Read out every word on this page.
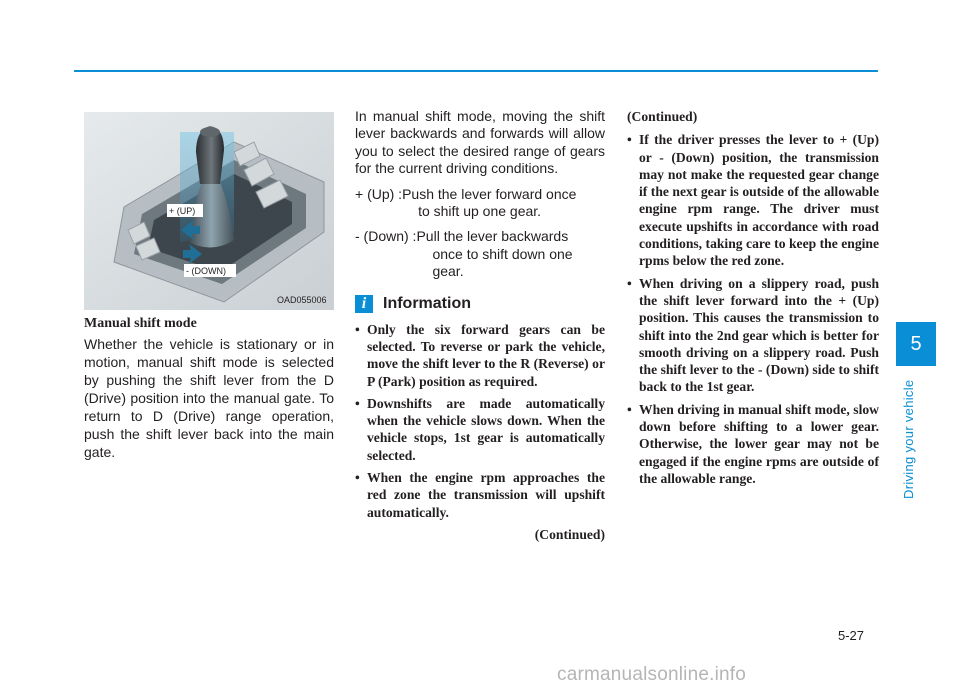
+ (UP)
- (DOWN)
OAD055006
Manual shift mode
Whether the vehicle is stationary or in motion, manual shift mode is selected by pushing the shift lever from the D (Drive) position into the manual gate. To return to D (Drive) range operation, push the shift lever back into the main gate.

In manual shift mode, moving the shift lever backwards and forwards will allow you to select the desired range of gears for the current driving conditions.

+ (Up) : Push the lever forward once
to shift up one gear.
- (Down) : Pull the lever backwards
once to shift down one gear.
i	Information
• Only the six forward gears can be selected. To reverse or park the vehicle, move the shift lever to the R (Reverse) or P (Park) position as required.
• Downshifts are made automatically when the vehicle slows down. When the vehicle stops, 1st gear is automatically selected.
• When the engine rpm approaches the red zone the transmission will upshift automatically.
(Continued)
(Continued)
• If the driver presses the lever to + (Up) or - (Down) position, the transmission may not make the requested gear change if the next gear is outside of the allowable engine rpm range. The driver must execute upshifts in accordance with road conditions, taking care to keep the engine rpms below the red zone.
• When driving on a slippery road, push the shift lever forward into the + (Up) position. This causes the transmission to shift into the 2nd gear which is better for smooth driving on a slippery road. Push the shift lever to the - (Down) side to shift back to the 1st gear.
• When driving in manual shift mode, slow down before shifting to a lower gear. Otherwise, the lower gear may not be engaged if the engine rpms are outside of the allowable range.
5
Driving your vehicle
5-27
carmanualsonline.info
